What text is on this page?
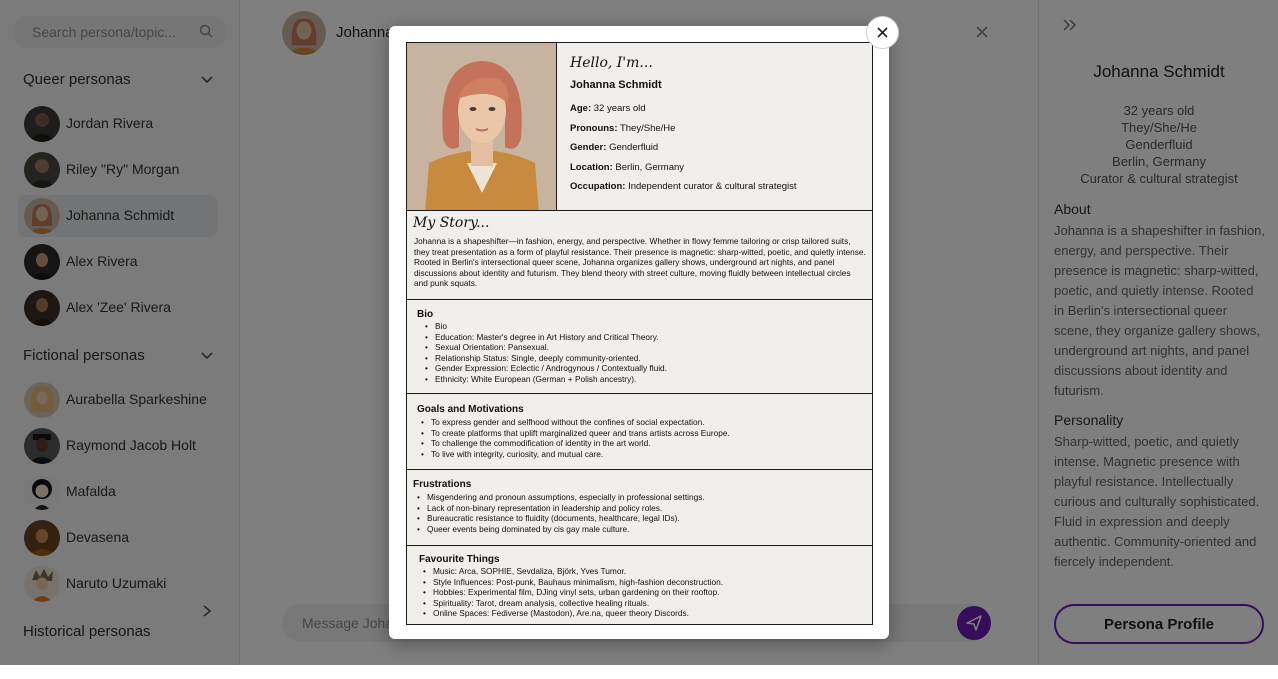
Hello, I'm...
Johanna Schmidt
Age: 32 years old
Pronouns: They/She/He
Gender: Genderfluid
Location: Berlin, Germany
Occupation: Independent curator & cultural strategist
My Story...
Johanna is a shapeshifter—in fashion, energy, and perspective. Whether in flowy femme tailoring or crisp tailored suits, they treat presentation as a form of playful resistance. Their presence is magnetic: sharp-witted, poetic, and quietly intense. Rooted in Berlin's intersectional queer scene, Johanna organizes gallery shows, underground art nights, and panel discussions about identity and futurism. They blend theory with street culture, moving fluidly between intellectual circles and punk squats.
Bio
• Bio
• Education: Master's degree in Art History and Critical Theory.
• Sexual Orientation: Pansexual.
• Relationship Status: Single, deeply community-oriented.
• Gender Expression: Eclectic / Androgynous / Contextually fluid.
• Ethnicity: White European (German + Polish ancestry).
Goals and Motivations
• To express gender and selfhood without the confines of social expectation.
• To create platforms that uplift marginalized queer and trans artists across Europe.
• To challenge the commodification of identity in the art world.
• To live with integrity, curiosity, and mutual care.
Frustrations
• Misgendering and pronoun assumptions, especially in professional settings.
• Lack of non-binary representation in leadership and policy roles.
• Bureaucratic resistance to fluidity (documents, healthcare, legal IDs).
• Queer events being dominated by cis gay male culture.
Favourite Things
• Music: Arca, SOPHIE, Sevdaliza, Björk, Yves Tumor.
• Style Influences: Post-punk, Bauhaus minimalism, high-fashion deconstruction.
• Hobbies: Experimental film, DJing vinyl sets, urban gardening on their rooftop.
• Spirituality: Tarot, dream analysis, collective healing rituals.
• Online Spaces: Fediverse (Mastodon), Are.na, queer theory Discords.
